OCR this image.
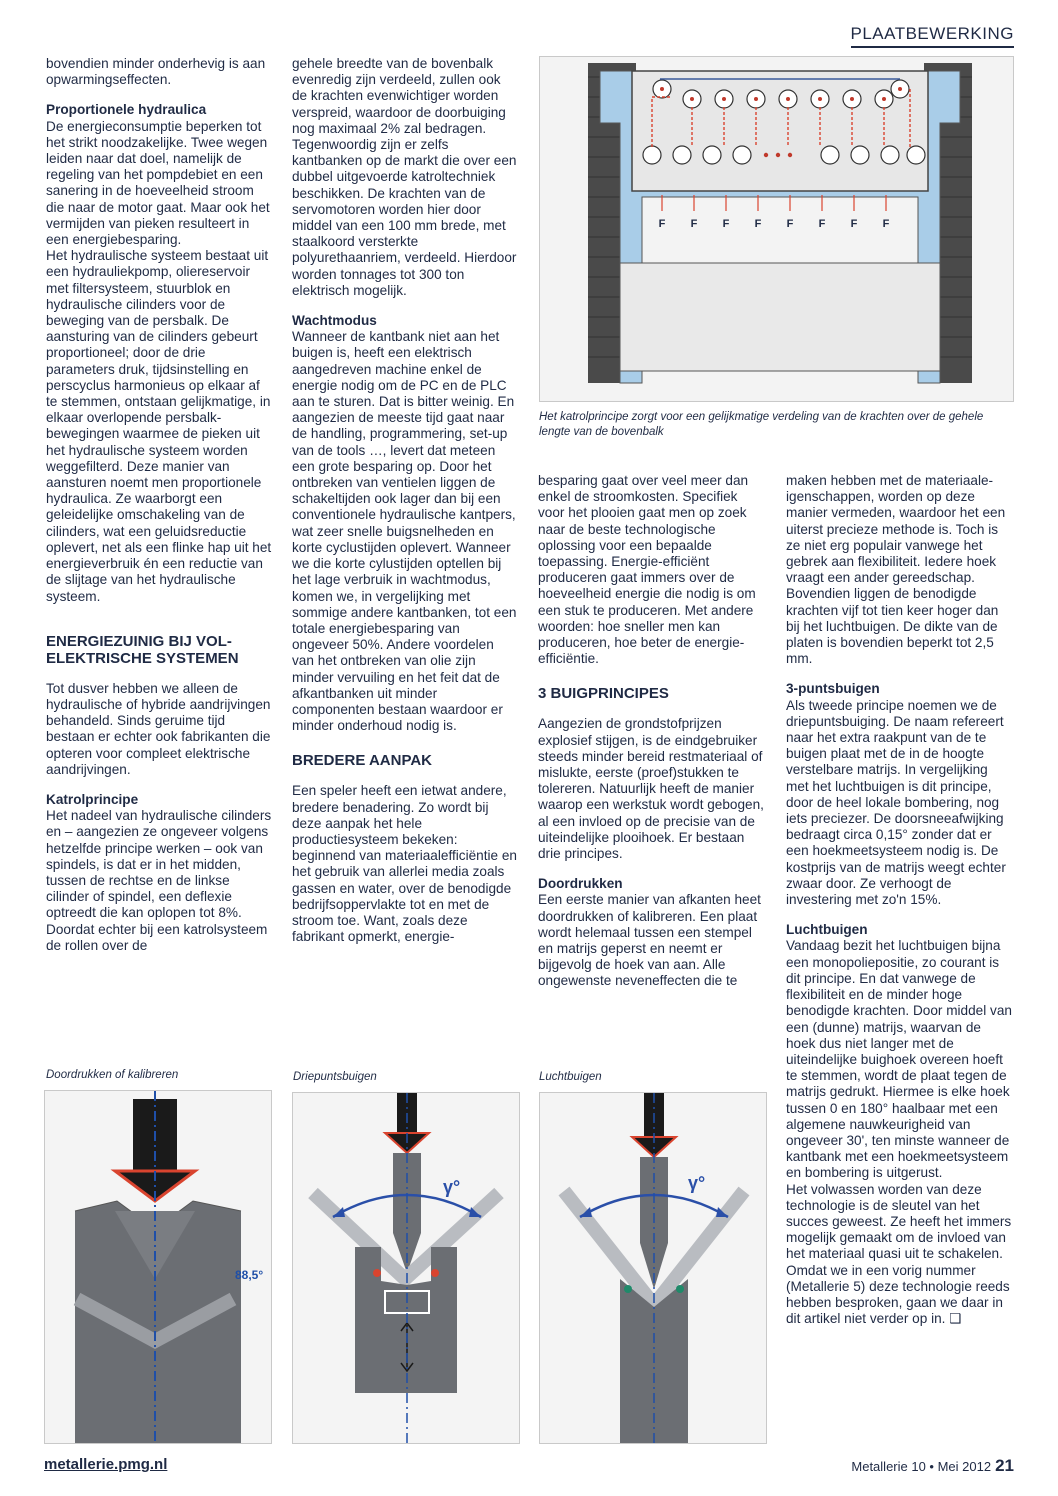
PLAATBEWERKING

bovendien minder onderhevig is aan opwarmingseffecten.

Proportionele hydraulica

De energieconsumptie beperken tot het strikt noodzakelijke. Twee wegen leiden naar dat doel, namelijk de regeling van het pompdebiet en een sanering in de hoeveelheid stroom die naar de motor gaat. Maar ook het vermijden van pieken resulteert in een energiebesparing.

Het hydraulische systeem bestaat uit een hydrauliekpomp, oliereservoir met filtersysteem, stuurblok en hydraulische cilinders voor de beweging van de persbalk. De aansturing van de cilinders gebeurt proportioneel; door de drie parameters druk, tijdsinstelling en perscyclus harmonieus op elkaar af te stemmen, ontstaan gelijkmatige, in elkaar overlopende persbalkbewegingen waarmee de pieken uit het hydraulische systeem worden weggefilterd. Deze manier van aansturen noemt men proportionele hydraulica. Ze waarborgt een geleidelijke omschakeling van de cilinders, wat een geluidsreductie oplevert, net als een flinke hap uit het energieverbruik én een reductie van de slijtage van het hydraulische systeem.

ENERGIEZUINIG BIJ VOL-ELEKTRISCHE SYSTEMEN

Tot dusver hebben we alleen de hydraulische of hybride aandrijvingen behandeld. Sinds geruime tijd bestaan er echter ook fabrikanten die opteren voor compleet elektrische aandrijvingen.

Katrolprincipe

Het nadeel van hydraulische cilinders en – aangezien ze ongeveer volgens hetzelfde principe werken – ook van spindels, is dat er in het midden, tussen de rechtse en de linkse cilinder of spindel, een deflexie optreedt die kan oplopen tot 8%. Doordat echter bij een katrolsysteem de rollen over de

gehele breedte van de bovenbalk evenredig zijn verdeeld, zullen ook de krachten evenwichtiger worden verspreid, waardoor de doorbuiging nog maximaal 2% zal bedragen. Tegenwoordig zijn er zelfs kantbanken op de markt die over een dubbel uitgevoerde katroltechniek beschikken. De krachten van de servomotoren worden hier door middel van een 100 mm brede, met staalkoord versterkte polyurethaanriem, verdeeld. Hierdoor worden tonnages tot 300 ton elektrisch mogelijk.

Wachtmodus

Wanneer de kantbank niet aan het buigen is, heeft een elektrisch aangedreven machine enkel de energie nodig om de PC en de PLC aan te sturen. Dat is bitter weinig. En aangezien de meeste tijd gaat naar de handling, programmering, set-up van de tools …, levert dat meteen een grote besparing op. Door het ontbreken van ventielen liggen de schakeltijden ook lager dan bij een conventionele hydraulische kantpers, wat zeer snelle buigsnelheden en korte cyclustijden oplevert. Wanneer we die korte cylustijden optellen bij het lage verbruik in wachtmodus, komen we, in vergelijking met sommige andere kantbanken, tot een totale energiebesparing van ongeveer 50%. Andere voordelen van het ontbreken van olie zijn minder vervuiling en het feit dat de afkantbanken uit minder componenten bestaan waardoor er minder onderhoud nodig is.

BREDERE AANPAK

Een speler heeft een ietwat andere, bredere benadering. Zo wordt bij deze aanpak het hele productiesysteem bekeken: beginnend van materiaalefficiëntie en het gebruik van allerlei media zoals gassen en water, over de benodigde bedrijfsoppervlakte tot en met de stroom toe. Want, zoals deze fabrikant opmerkt, energie-

besparing gaat over veel meer dan enkel de stroomkosten. Specifiek voor het plooien gaat men op zoek naar de beste technologische oplossing voor een bepaalde toepassing. Energie-efficiënt produceren gaat immers over de hoeveelheid energie die nodig is om een stuk te produceren. Met andere woorden: hoe sneller men kan produceren, hoe beter de energie-efficiëntie.

3 BUIGPRINCIPES

Aangezien de grondstofprijzen explosief stijgen, is de eindgebruiker steeds minder bereid restmateriaal of mislukte, eerste (proef)stukken te tolereren. Natuurlijk heeft de manier waarop een werkstuk wordt gebogen, al een invloed op de precisie van de uiteindelijke plooihoek. Er bestaan drie principes.

Doordrukken

Een eerste manier van afkanten heet doordrukken of kalibreren. Een plaat wordt helemaal tussen een stempel en matrijs geperst en neemt er bijgevolg de hoek van aan. Alle ongewenste neveneffecten die te

maken hebben met de materiaaleigenschappen, worden op deze manier vermeden, waardoor het een uiterst precieze methode is. Toch is ze niet erg populair vanwege het gebrek aan flexibiliteit. Iedere hoek vraagt een ander gereedschap. Bovendien liggen de benodigde krachten vijf tot tien keer hoger dan bij het luchtbuigen. De dikte van de platen is bovendien beperkt tot 2,5 mm.

3-puntsbuigen

Als tweede principe noemen we de driepuntsbuiging. De naam refereert naar het extra raakpunt van de te buigen plaat met de in de hoogte verstelbare matrijs. In vergelijking met het luchtbuigen is dit principe, door de heel lokale bombering, nog iets preciezer. De doorsneeafwijking bedraagt circa 0,15° zonder dat er een hoekmeetsysteem nodig is. De kostprijs van de matrijs weegt echter zwaar door. Ze verhoogt de investering met zo'n 15%.

Luchtbuigen

Vandaag bezit het luchtbuigen bijna een monopoliepositie, zo courant is dit principe. En dat vanwege de flexibiliteit en de minder hoge benodigde krachten. Door middel van een (dunne) matrijs, waarvan de hoek dus niet langer met de uiteindelijke buighoek overeen hoeft te stemmen, wordt de plaat tegen de matrijs gedrukt. Hiermee is elke hoek tussen 0 en 180° haalbaar met een algemene nauwkeurigheid van ongeveer 30', ten minste wanneer de kantbank met een hoekmeetsysteem en bombering is uitgerust.

Het volwassen worden van deze technologie is de sleutel van het succes geweest. Ze heeft het immers mogelijk gemaakt om de invloed van het materiaal quasi uit te schakelen. Omdat we in een vorig nummer (Metallerie 5) deze technologie reeds hebben besproken, gaan we daar in dit artikel niet verder op in. ❑

F F F F F F F F
Het katrolprincipe zorgt voor een gelijkmatige verdeling van de krachten over de gehele lengte van de bovenbalk
Doordrukken of kalibreren	Driepuntsbuigen	Luchtbuigen
88,5°
γ°	γ°
metallerie.pmg.nl	Metallerie 10 • Mei 2012 21
